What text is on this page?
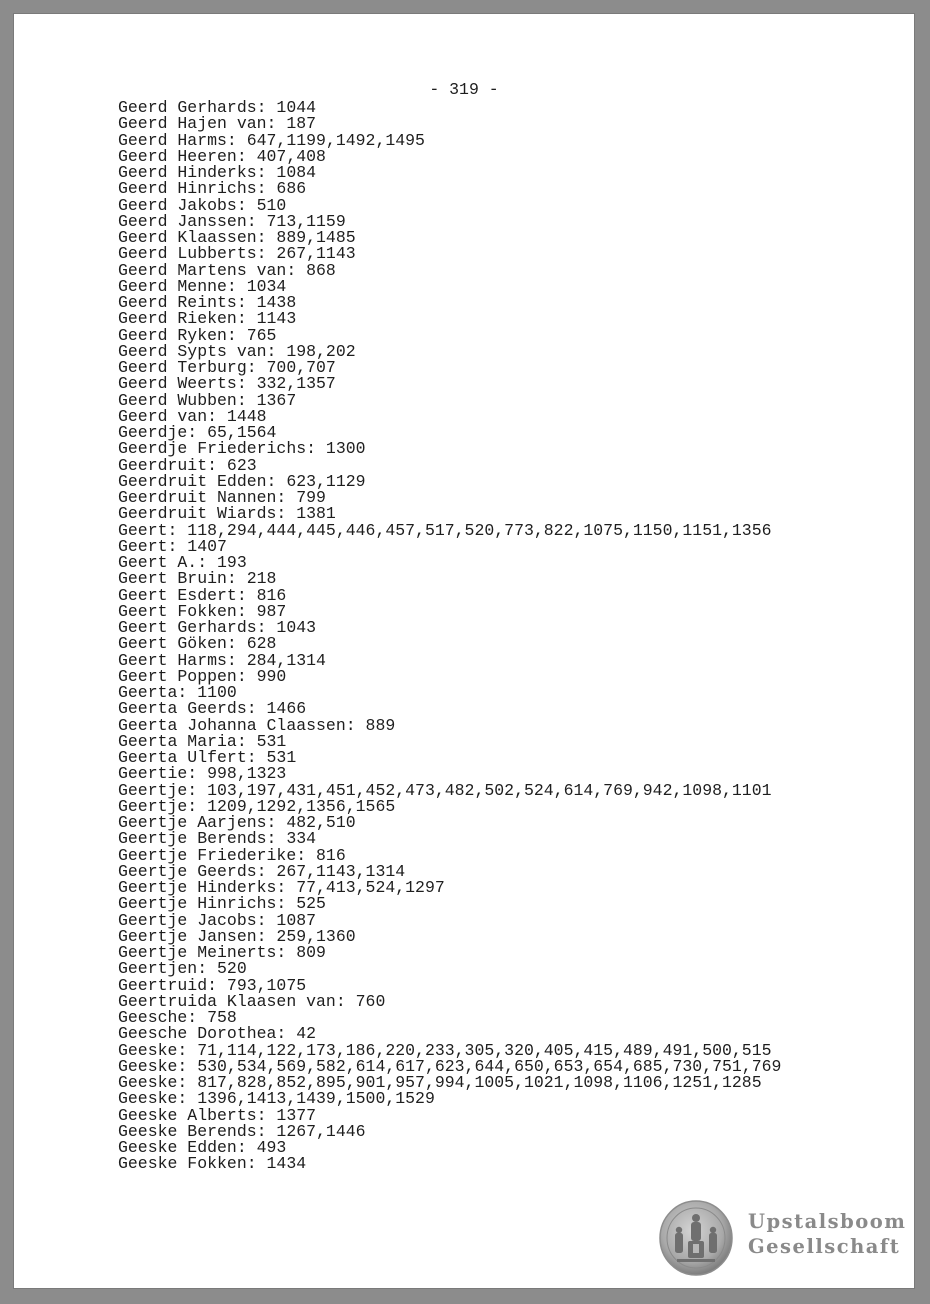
- 319 -

Geerd Gerhards: 1044
Geerd Hajen van: 187
Geerd Harms: 647,1199,1492,1495
Geerd Heeren: 407,408
Geerd Hinderks: 1084
Geerd Hinrichs: 686
Geerd Jakobs: 510
Geerd Janssen: 713,1159
Geerd Klaassen: 889,1485
Geerd Lubberts: 267,1143
Geerd Martens van: 868
Geerd Menne: 1034
Geerd Reints: 1438
Geerd Rieken: 1143
Geerd Ryken: 765
Geerd Sypts van: 198,202
Geerd Terburg: 700,707
Geerd Weerts: 332,1357
Geerd Wubben: 1367
Geerd van: 1448
Geerdje: 65,1564
Geerdje Friederichs: 1300
Geerdruit: 623
Geerdruit Edden: 623,1129
Geerdruit Nannen: 799
Geerdruit Wiards: 1381
Geert: 118,294,444,445,446,457,517,520,773,822,1075,1150,1151,1356
Geert: 1407
Geert A.: 193
Geert Bruin: 218
Geert Esdert: 816
Geert Fokken: 987
Geert Gerhards: 1043
Geert Göken: 628
Geert Harms: 284,1314
Geert Poppen: 990
Geerta: 1100
Geerta Geerds: 1466
Geerta Johanna Claassen: 889
Geerta Maria: 531
Geerta Ulfert: 531
Geertie: 998,1323
Geertje: 103,197,431,451,452,473,482,502,524,614,769,942,1098,1101
Geertje: 1209,1292,1356,1565
Geertje Aarjens: 482,510
Geertje Berends: 334
Geertje Friederike: 816
Geertje Geerds: 267,1143,1314
Geertje Hinderks: 77,413,524,1297
Geertje Hinrichs: 525
Geertje Jacobs: 1087
Geertje Jansen: 259,1360
Geertje Meinerts: 809
Geertjen: 520
Geertruid: 793,1075
Geertruida Klaasen van: 760
Geesche: 758
Geesche Dorothea: 42
Geeske: 71,114,122,173,186,220,233,305,320,405,415,489,491,500,515
Geeske: 530,534,569,582,614,617,623,644,650,653,654,685,730,751,769
Geeske: 817,828,852,895,901,957,994,1005,1021,1098,1106,1251,1285
Geeske: 1396,1413,1439,1500,1529
Geeske Alberts: 1377
Geeske Berends: 1267,1446
Geeske Edden: 493
Geeske Fokken: 1434

Upstalsboom
Gesellschaft
